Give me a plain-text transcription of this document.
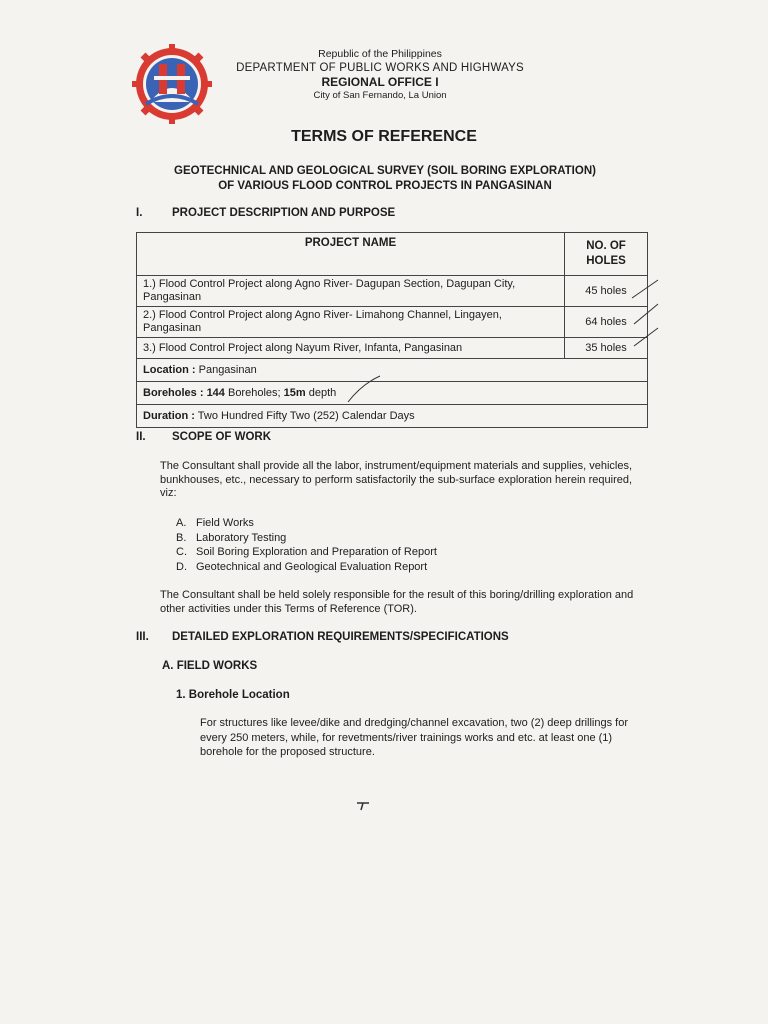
Republic of the Philippines
DEPARTMENT OF PUBLIC WORKS AND HIGHWAYS
REGIONAL OFFICE I
City of San Fernando, La Union
TERMS OF REFERENCE
GEOTECHNICAL AND GEOLOGICAL SURVEY (SOIL BORING EXPLORATION)
OF VARIOUS FLOOD CONTROL PROJECTS IN PANGASINAN
I.	PROJECT DESCRIPTION AND PURPOSE
PROJECT NAME	NO. OF
HOLES

1.) Flood Control Project along Agno River- Dagupan Section, Dagupan City, Pangasinan	45 holes
2.) Flood Control Project along Agno River- Limahong Channel, Lingayen, Pangasinan	64 holes
3.) Flood Control Project along Nayum River, Infanta, Pangasinan	35 holes
Location : Pangasinan	
Boreholes : 144 Boreholes; 15m depth	
Duration : Two Hundred Fifty Two (252) Calendar Days	
II. SCOPE OF WORK
The Consultant shall provide all the labor, instrument/equipment materials and supplies, vehicles, bunkhouses, etc., necessary to perform satisfactorily the sub-surface exploration herein required, viz:
A. Field Works
B. Laboratory Testing
C. Soil Boring Exploration and Preparation of Report
D. Geotechnical and Geological Evaluation Report
The Consultant shall be held solely responsible for the result of this boring/drilling exploration and other activities under this Terms of Reference (TOR).
III. DETAILED EXPLORATION REQUIREMENTS/SPECIFICATIONS
A. FIELD WORKS
1. Borehole Location
For structures like levee/dike and dredging/channel excavation, two (2) deep drillings for every 250 meters, while, for revetments/river trainings works and etc. at least one (1) borehole for the proposed structure.
